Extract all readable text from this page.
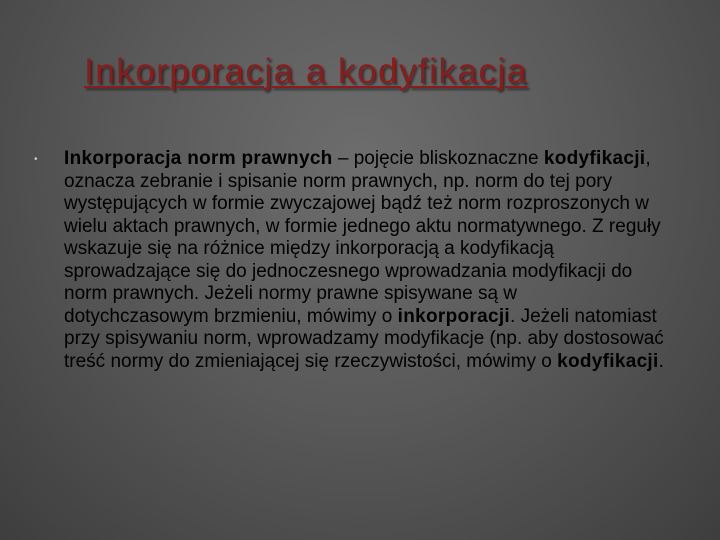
Inkorporacja a kodyfikacja
• Inkorporacja norm prawnych – pojęcie bliskoznaczne kodyfikacji, oznacza zebranie i spisanie norm prawnych, np. norm do tej pory występujących w formie zwyczajowej bądź też norm rozproszonych w wielu aktach prawnych, w formie jednego aktu normatywnego. Z reguły wskazuje się na różnice między inkorporacją a kodyfikacją sprowadzające się do jednoczesnego wprowadzania modyfikacji do norm prawnych. Jeżeli normy prawne spisywane są w dotychczasowym brzmieniu, mówimy o inkorporacji. Jeżeli natomiast przy spisywaniu norm, wprowadzamy modyfikacje (np. aby dostosować treść normy do zmieniającej się rzeczywistości, mówimy o kodyfikacji.
